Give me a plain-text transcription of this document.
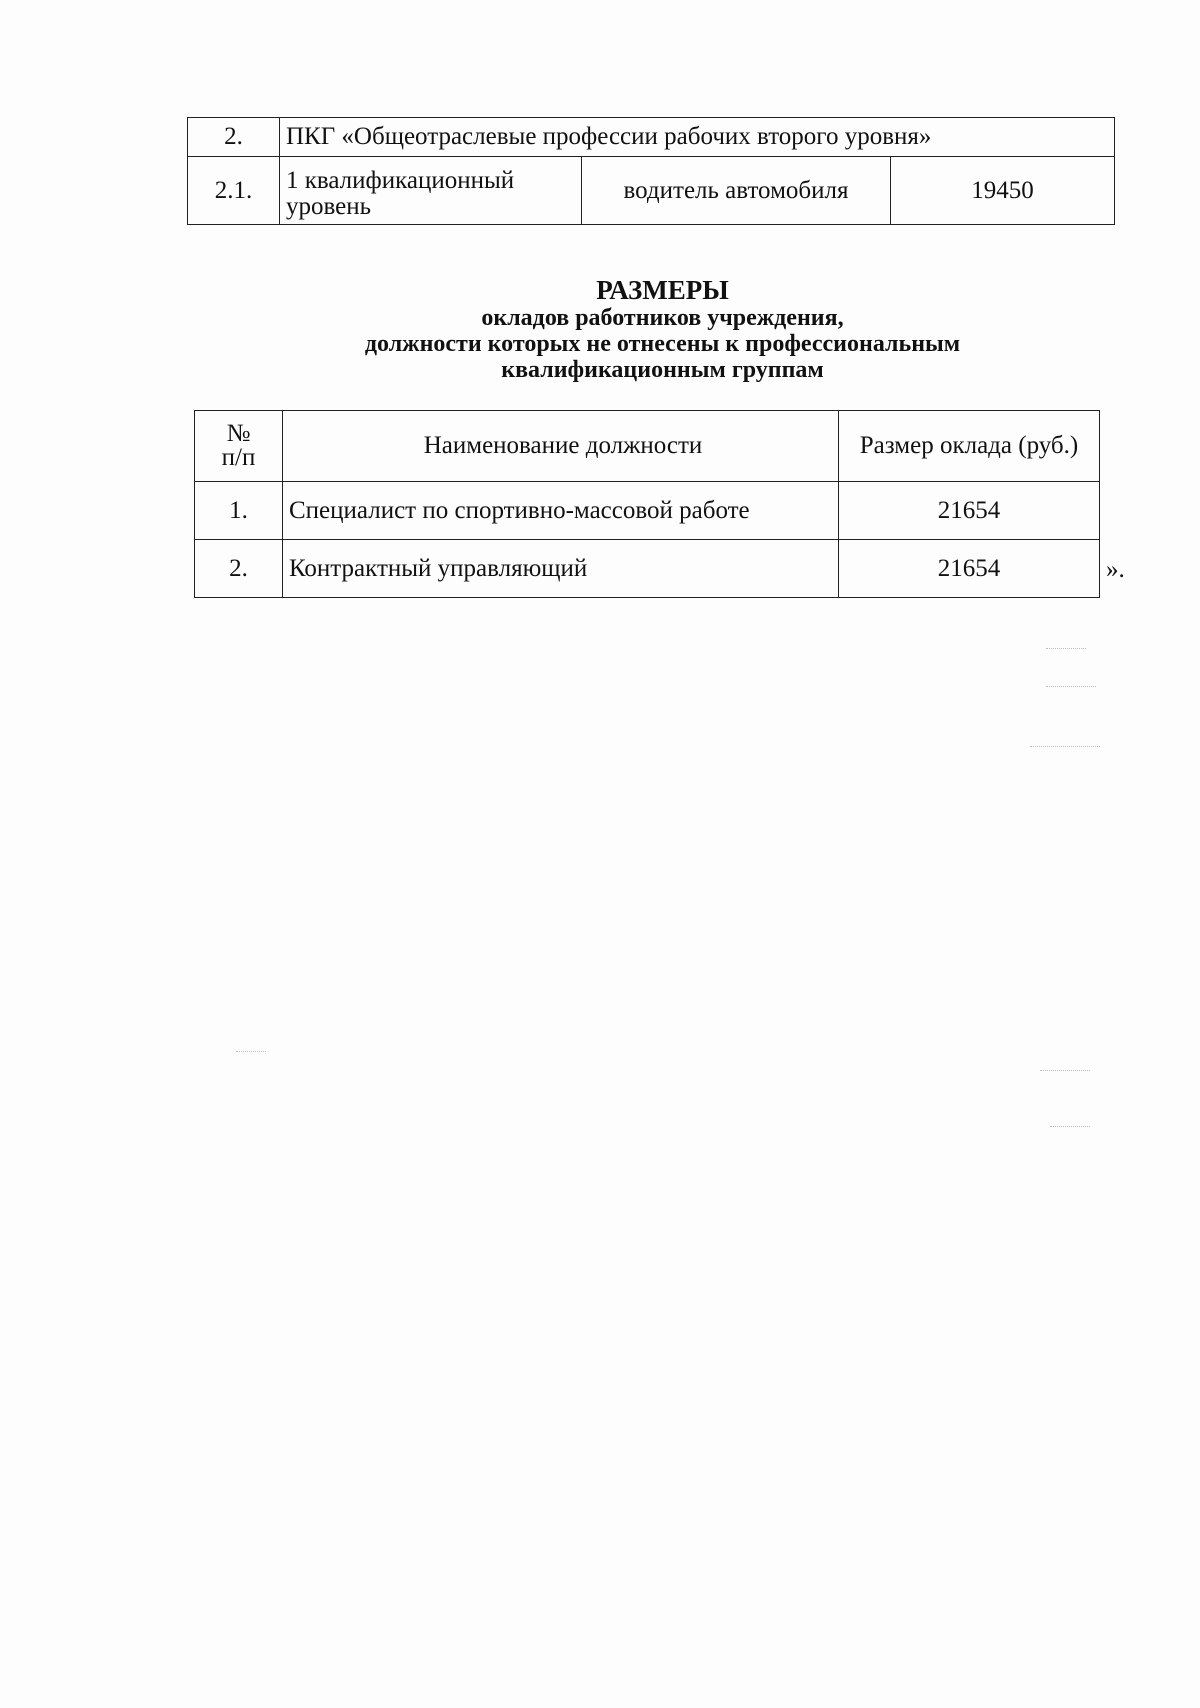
2.	ПКГ «Общеотраслевые профессии рабочих второго уровня»		
2.1.	1 квалификационный уровень	водитель автомобиля	19450
РАЗМЕРЫ
окладов работников учреждения,
должности которых не отнесены к профессиональным
квалификационным группам
№
п/п	Наименование должности	Размер оклада (руб.)
1.	Специалист по спортивно-массовой работе	21654
2.	Контрактный управляющий	21654	».
